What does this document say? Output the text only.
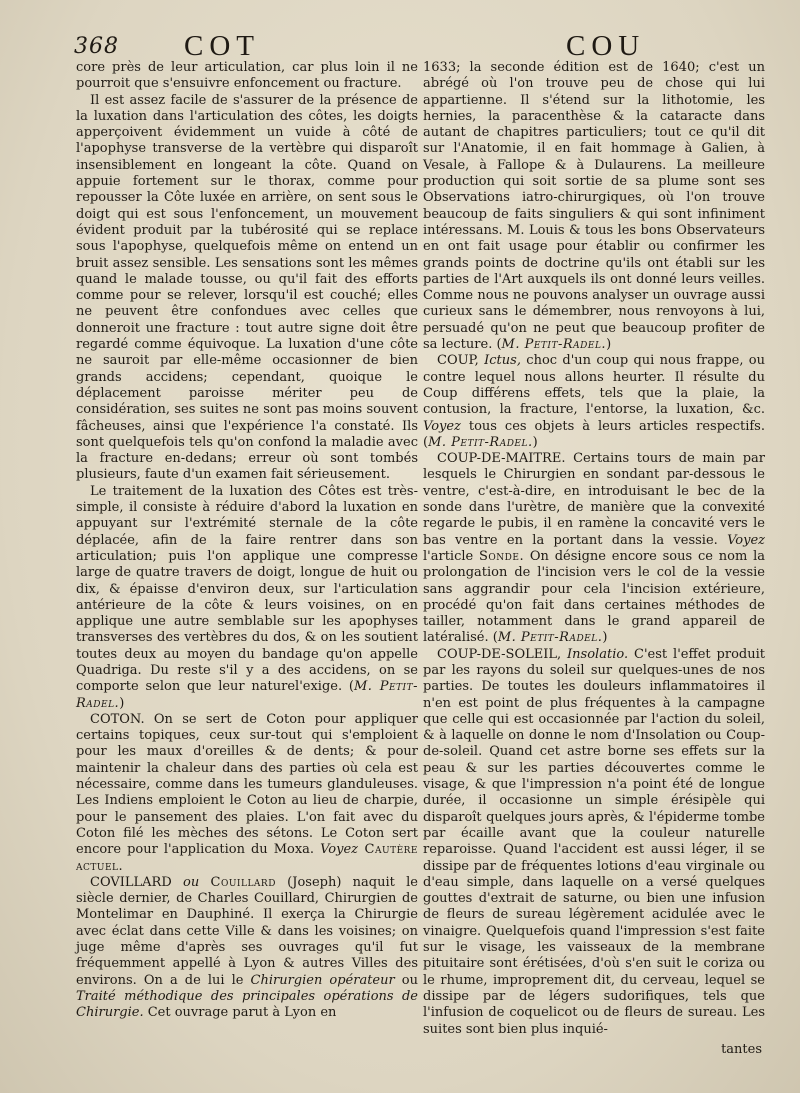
368 COT	COU

core près de leur articulation, car plus loin il ne pourroit que s'ensuivre enfoncement ou fracture.

Il est assez facile de s'assurer de la présence de la luxation dans l'articulation des côtes, les doigts apperçoivent évidemment un vuide à côté de l'apophyse transverse de la vertèbre qui disparoît insensiblement en longeant la côte. Quand on appuie fortement sur le thorax, comme pour repousser la Côte luxée en arrière, on sent sous le doigt qui est sous l'enfoncement, un mouvement évident produit par la tubérosité qui se replace sous l'apophyse, quelquefois même on entend un bruit assez sensible. Les sensations sont les mêmes quand le malade tousse, ou qu'il fait des efforts comme pour se relever, lorsqu'il est couché; elles ne peuvent être confondues avec celles que donneroit une fracture : tout autre signe doit être regardé comme équivoque. La luxation d'une côte ne sauroit par elle-même occasionner de bien grands accidens; cependant, quoique le déplacement paroisse mériter peu de considération, ses suites ne sont pas moins souvent fâcheuses, ainsi que l'expérience l'a constaté. Ils sont quelquefois tels qu'on confond la maladie avec la fracture en-dedans; erreur où sont tombés plusieurs, faute d'un examen fait sérieusement.

Le traitement de la luxation des Côtes est très-simple, il consiste à réduire d'abord la luxation en appuyant sur l'extrémité sternale de la côte déplacée, afin de la faire rentrer dans son articulation; puis l'on applique une compresse large de quatre travers de doigt, longue de huit ou dix, & épaisse d'environ deux, sur l'articulation antérieure de la côte & leurs voisines, on en applique une autre semblable sur les apophyses transverses des vertèbres du dos, & on les soutient toutes deux au moyen du bandage qu'on appelle Quadriga. Du reste s'il y a des accidens, on se comporte selon que leur naturel'exige. (M. Petit-Radel.)

COTON. On se sert de Coton pour appliquer certains topiques, ceux sur-tout qui s'emploient pour les maux d'oreilles & de dents; & pour maintenir la chaleur dans des parties où cela est nécessaire, comme dans les tumeurs glanduleuses. Les Indiens emploient le Coton au lieu de charpie, pour le pansement des plaies. L'on fait avec du Coton filé les mèches des sétons. Le Coton sert encore pour l'application du Moxa. Voyez Cautère actuel.

COVILLARD ou Couillard (Joseph) naquit le siècle dernier, de Charles Couillard, Chirurgien de Montelimar en Dauphiné. Il exerça la Chirurgie avec éclat dans cette Ville & dans les voisines; on juge même d'après ses ouvrages qu'il fut fréquemment appellé à Lyon & autres Villes des environs. On a de lui le Chirurgien opérateur ou Traité méthodique des principales opérations de Chirurgie. Cet ouvrage parut à Lyon en

1633; la seconde édition est de 1640; c'est un abrégé où l'on trouve peu de chose qui lui appartienne. Il s'étend sur la lithotomie, les hernies, la paracenthèse & la cataracte dans autant de chapitres particuliers; tout ce qu'il dit sur l'Anatomie, il en fait hommage à Galien, à Vesale, à Fallope & à Dulaurens. La meilleure production qui soit sortie de sa plume sont ses Observations iatro-chirurgiques, où l'on trouve beaucoup de faits singuliers & qui sont infiniment intéressans. M. Louis & tous les bons Observateurs en ont fait usage pour établir ou confirmer les grands points de doctrine qu'ils ont établi sur les parties de l'Art auxquels ils ont donné leurs veilles. Comme nous ne pouvons analyser un ouvrage aussi curieux sans le démembrer, nous renvoyons à lui, persuadé qu'on ne peut que beaucoup profiter de sa lecture. (M. Petit-Radel.)

COUP, Ictus, choc d'un coup qui nous frappe, ou contre lequel nous allons heurter. Il résulte du Coup différens effets, tels que la plaie, la contusion, la fracture, l'entorse, la luxation, &c. Voyez tous ces objets à leurs articles respectifs. (M. Petit-Radel.)

COUP-DE-MAITRE. Certains tours de main par lesquels le Chirurgien en sondant par-dessous le ventre, c'est-à-dire, en introduisant le bec de la sonde dans l'urètre, de manière que la convexité regarde le pubis, il en ramène la concavité vers le bas ventre en la portant dans la vessie. Voyez l'article Sonde. On désigne encore sous ce nom la prolongation de l'incision vers le col de la vessie sans aggrandir pour cela l'incision extérieure, procédé qu'on fait dans certaines méthodes de tailler, notamment dans le grand appareil de latéralisé. (M. Petit-Radel.)

COUP-DE-SOLEIL, Insolatio. C'est l'effet produit par les rayons du soleil sur quelques-unes de nos parties. De toutes les douleurs inflammatoires il n'en est point de plus fréquentes à la campagne que celle qui est occasionnée par l'action du soleil, & à laquelle on donne le nom d'Insolation ou Coup-de-soleil. Quand cet astre borne ses effets sur la peau & sur les parties découvertes comme le visage, & que l'impression n'a point été de longue durée, il occasionne un simple érésipèle qui disparoît quelques jours après, & l'épiderme tombe par écaille avant que la couleur naturelle reparoisse. Quand l'accident est aussi léger, il se dissipe par de fréquentes lotions d'eau virginale ou d'eau simple, dans laquelle on a versé quelques gouttes d'extrait de saturne, ou bien une infusion de fleurs de sureau légèrement acidulée avec le vinaigre. Quelquefois quand l'impression s'est faite sur le visage, les vaisseaux de la membrane pituitaire sont érétisées, d'où s'en suit le coriza ou le rhume, improprement dit, du cerveau, lequel se dissipe par de légers sudorifiques, tels que l'infusion de coquelicot ou de fleurs de sureau. Les suites sont bien plus inquié-

tantes
